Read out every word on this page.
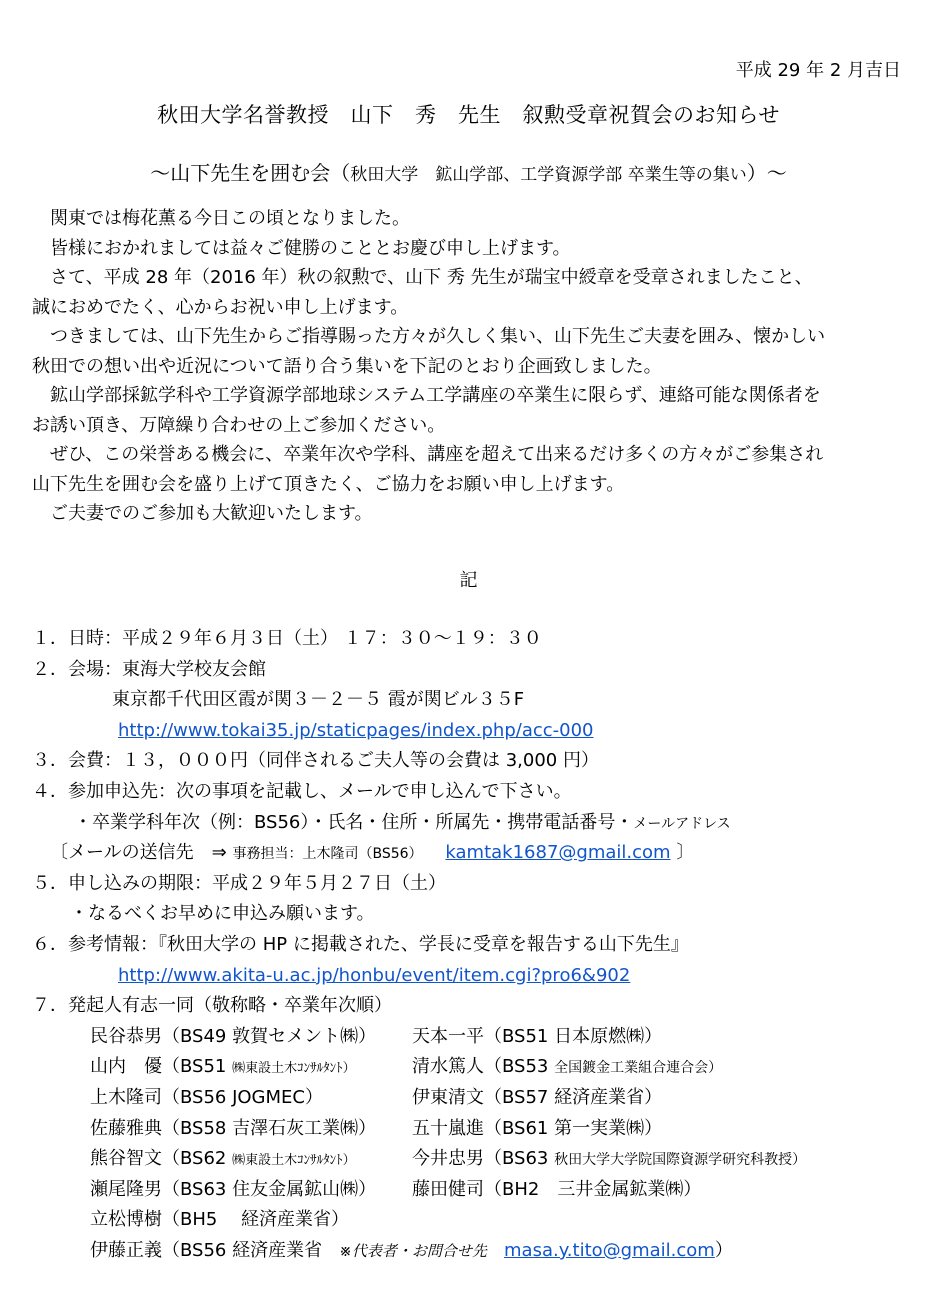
平成 29 年 2 月吉日
秋田大学名誉教授　山下　秀　先生　叙勲受章祝賀会のお知らせ
～山下先生を囲む会（秋田大学　鉱山学部、工学資源学部 卒業生等の集い）～

　関東では梅花薫る今日この頃となりました。

　皆様におかれましては益々ご健勝のこととお慶び申し上げます。

　さて、平成 28 年（2016 年）秋の叙勲で、山下 秀 先生が瑞宝中綬章を受章されましたこと、

誠におめでたく、心からお祝い申し上げます。

　つきましては、山下先生からご指導賜った方々が久しく集い、山下先生ご夫妻を囲み、懐かしい

秋田での想い出や近況について語り合う集いを下記のとおり企画致しました。

　鉱山学部採鉱学科や工学資源学部地球システム工学講座の卒業生に限らず、連絡可能な関係者を

お誘い頂き、万障繰り合わせの上ご参加ください。

　ぜひ、この栄誉ある機会に、卒業年次や学科、講座を超えて出来るだけ多くの方々がご参集され

山下先生を囲む会を盛り上げて頂きたく、ご協力をお願い申し上げます。

　ご夫妻でのご参加も大歓迎いたします。

記
１．日時：平成２９年６月３日（土） １７：３０～１９：３０
２．会場：東海大学校友会館
東京都千代田区霞が関３－２－５ 霞が関ビル３５F
http://www.tokai35.jp/staticpages/index.php/acc-000
３．会費：１３，０００円（同伴されるご夫人等の会費は 3,000 円）
４．参加申込先：次の事項を記載し、メールで申し込んで下さい。
・卒業学科年次（例：BS56）・氏名・住所・所属先・携帯電話番号・メールアドレス
〔メールの送信先　⇒ 事務担当：上木隆司（BS56） kamtak1687@gmail.com 〕
５．申し込みの期限：平成２９年５月２７日（土）
・なるべくお早めに申込み願います。
６．参考情報：『秋田大学の HP に掲載された、学長に受章を報告する山下先生』
http://www.akita-u.ac.jp/honbu/event/item.cgi?pro6&902
７．発起人有志一同（敬称略・卒業年次順）
民谷恭男（BS49 敦賀セメント㈱） 天本一平（BS51 日本原燃㈱）
山内　優（BS51 ㈱東設土木ｺﾝｻﾙﾀﾝﾄ）	清水篤人（BS53 全国鍍金工業組合連合会）
上木隆司（BS56 JOGMEC）	伊東清文（BS57 経済産業省）
佐藤雅典（BS58 吉澤石灰工業㈱） 五十嵐進（BS61 第一実業㈱）
熊谷智文（BS62 ㈱東設土木ｺﾝｻﾙﾀﾝﾄ）	今井忠男（BS63 秋田大学大学院国際資源学研究科教授）
瀬尾隆男（BS63 住友金属鉱山㈱） 藤田健司（BH2　三井金属鉱業㈱）
立松博樹（BH5　 経済産業省）
伊藤正義（BS56 経済産業省 ※代表者・お問合せ先 masa.y.tito@gmail.com）
